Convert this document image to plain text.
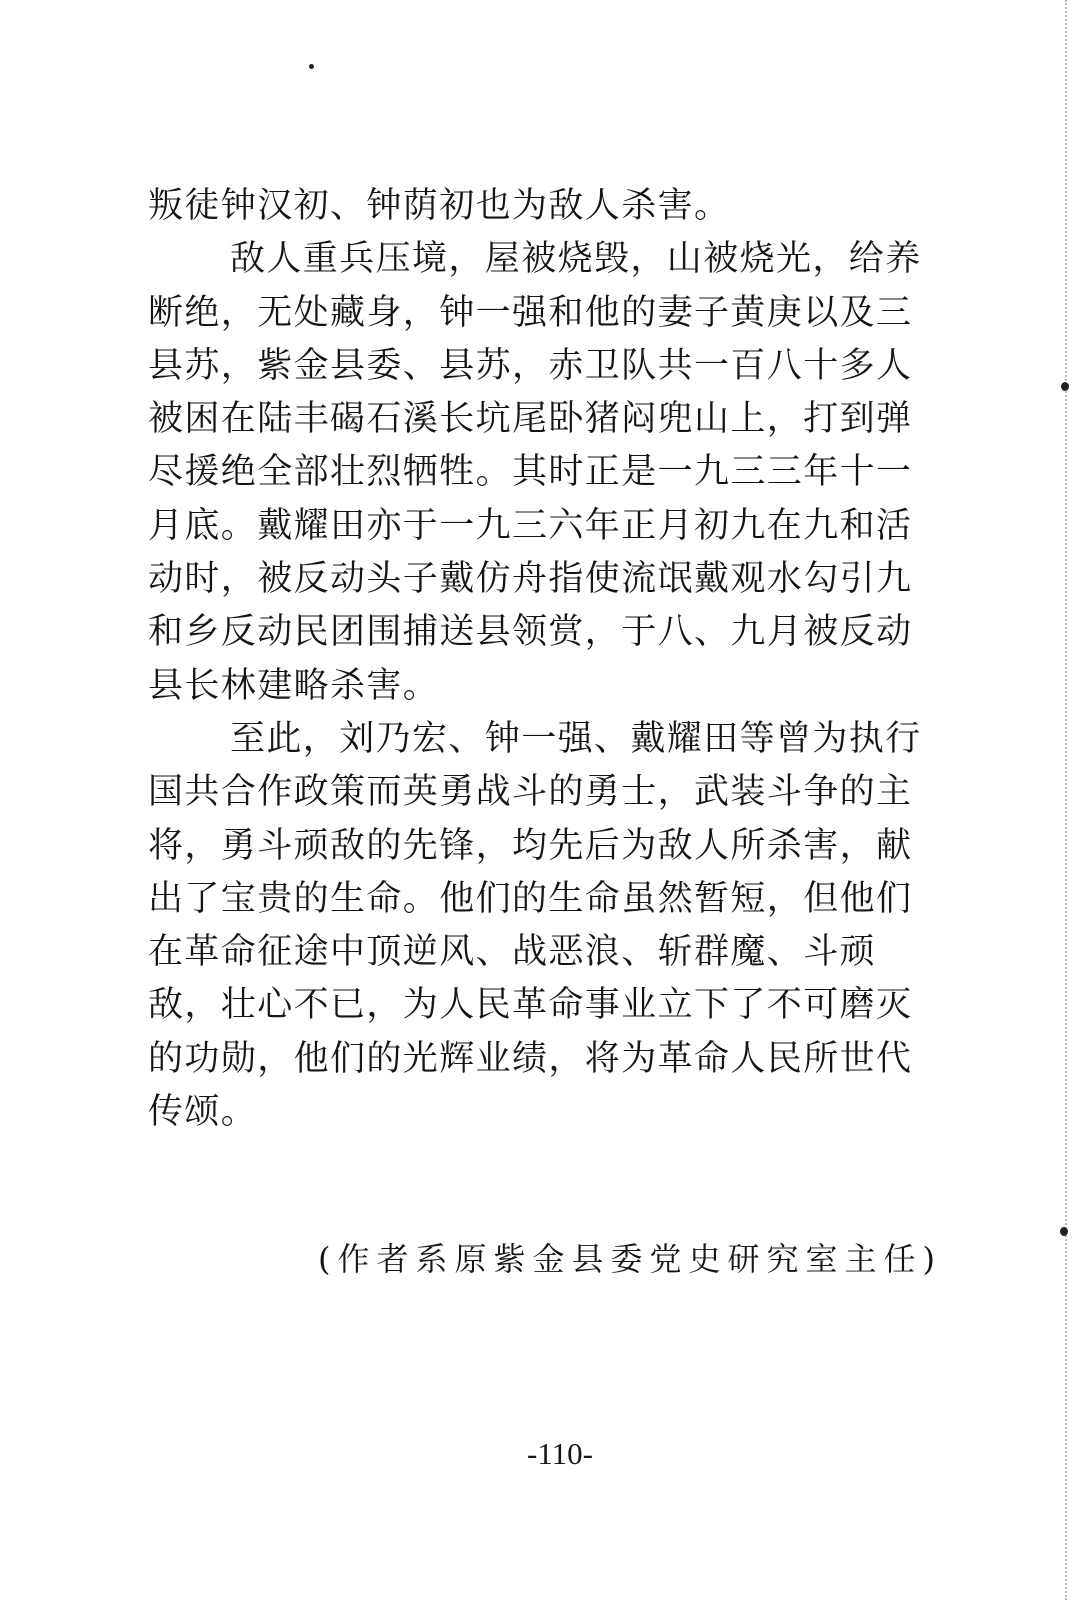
叛徒钟汉初、钟荫初也为敌人杀害。
敌人重兵压境，屋被烧毁，山被烧光，给养
断绝，无处藏身，钟一强和他的妻子黄庚以及三
县苏，紫金县委、县苏，赤卫队共一百八十多人
被困在陆丰碣石溪长坑尾卧猪闷兜山上，打到弹
尽援绝全部壮烈牺牲。其时正是一九三三年十一
月底。戴耀田亦于一九三六年正月初九在九和活
动时，被反动头子戴仿舟指使流氓戴观水勾引九
和乡反动民团围捕送县领赏，于八、九月被反动
县长林建略杀害。
至此，刘乃宏、钟一强、戴耀田等曾为执行
国共合作政策而英勇战斗的勇士，武装斗争的主
将，勇斗顽敌的先锋，均先后为敌人所杀害，献
出了宝贵的生命。他们的生命虽然暂短，但他们
在革命征途中顶逆风、战恶浪、斩群魔、斗顽
敌，壮心不已，为人民革命事业立下了不可磨灭
的功勋，他们的光辉业绩，将为革命人民所世代
传颂。
(作者系原紫金县委党史研究室主任)
-110-
